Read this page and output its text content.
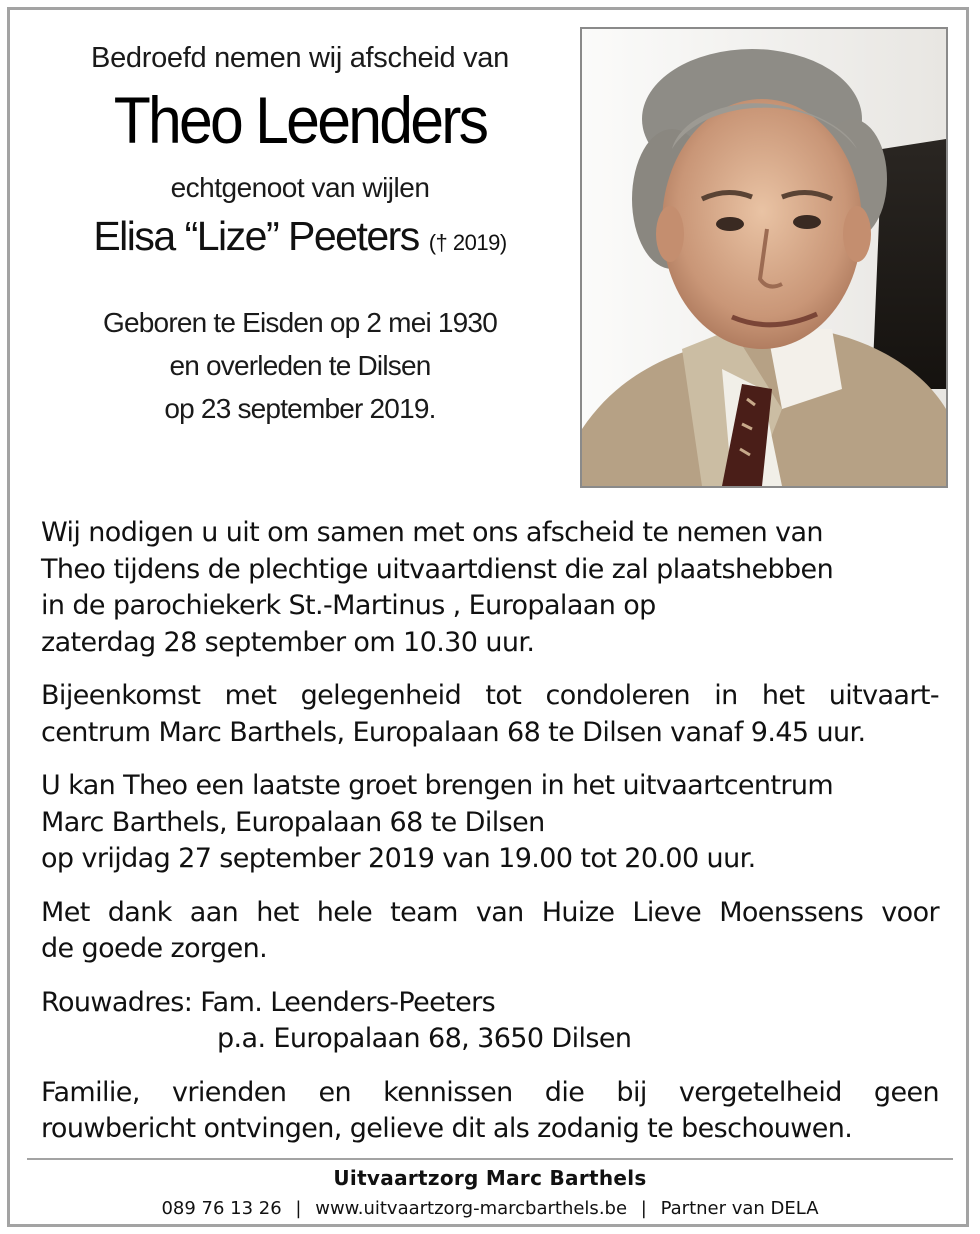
Bedroefd nemen wij afscheid van
Theo Leenders
echtgenoot van wijlen
Elisa “Lize” Peeters († 2019)
Geboren te Eisden op 2 mei 1930
en overleden te Dilsen
op 23 september 2019.

Wij nodigen u uit om samen met ons afscheid te nemen van
Theo tijdens de plechtige uitvaartdienst die zal plaatshebben
in de parochiekerk St.-Martinus , Europalaan op
zaterdag 28 september om 10.30 uur.

Bijeenkomst met gelegenheid tot condoleren in het uitvaart-
centrum Marc Barthels, Europalaan 68 te Dilsen vanaf 9.45 uur.

U kan Theo een laatste groet brengen in het uitvaartcentrum
Marc Barthels, Europalaan 68 te Dilsen
op vrijdag 27 september 2019 van 19.00 tot 20.00 uur.

Met dank aan het hele team van Huize Lieve Moenssens voor
de goede zorgen.

Rouwadres: Fam. Leenders-Peeters
p.a. Europalaan 68, 3650 Dilsen

Familie, vrienden en kennissen die bij vergetelheid geen
rouwbericht ontvingen, gelieve dit als zodanig te beschouwen.

Uitvaartzorg Marc Barthels
089 76 13 26 | www.uitvaartzorg-marcbarthels.be | Partner van DELA
